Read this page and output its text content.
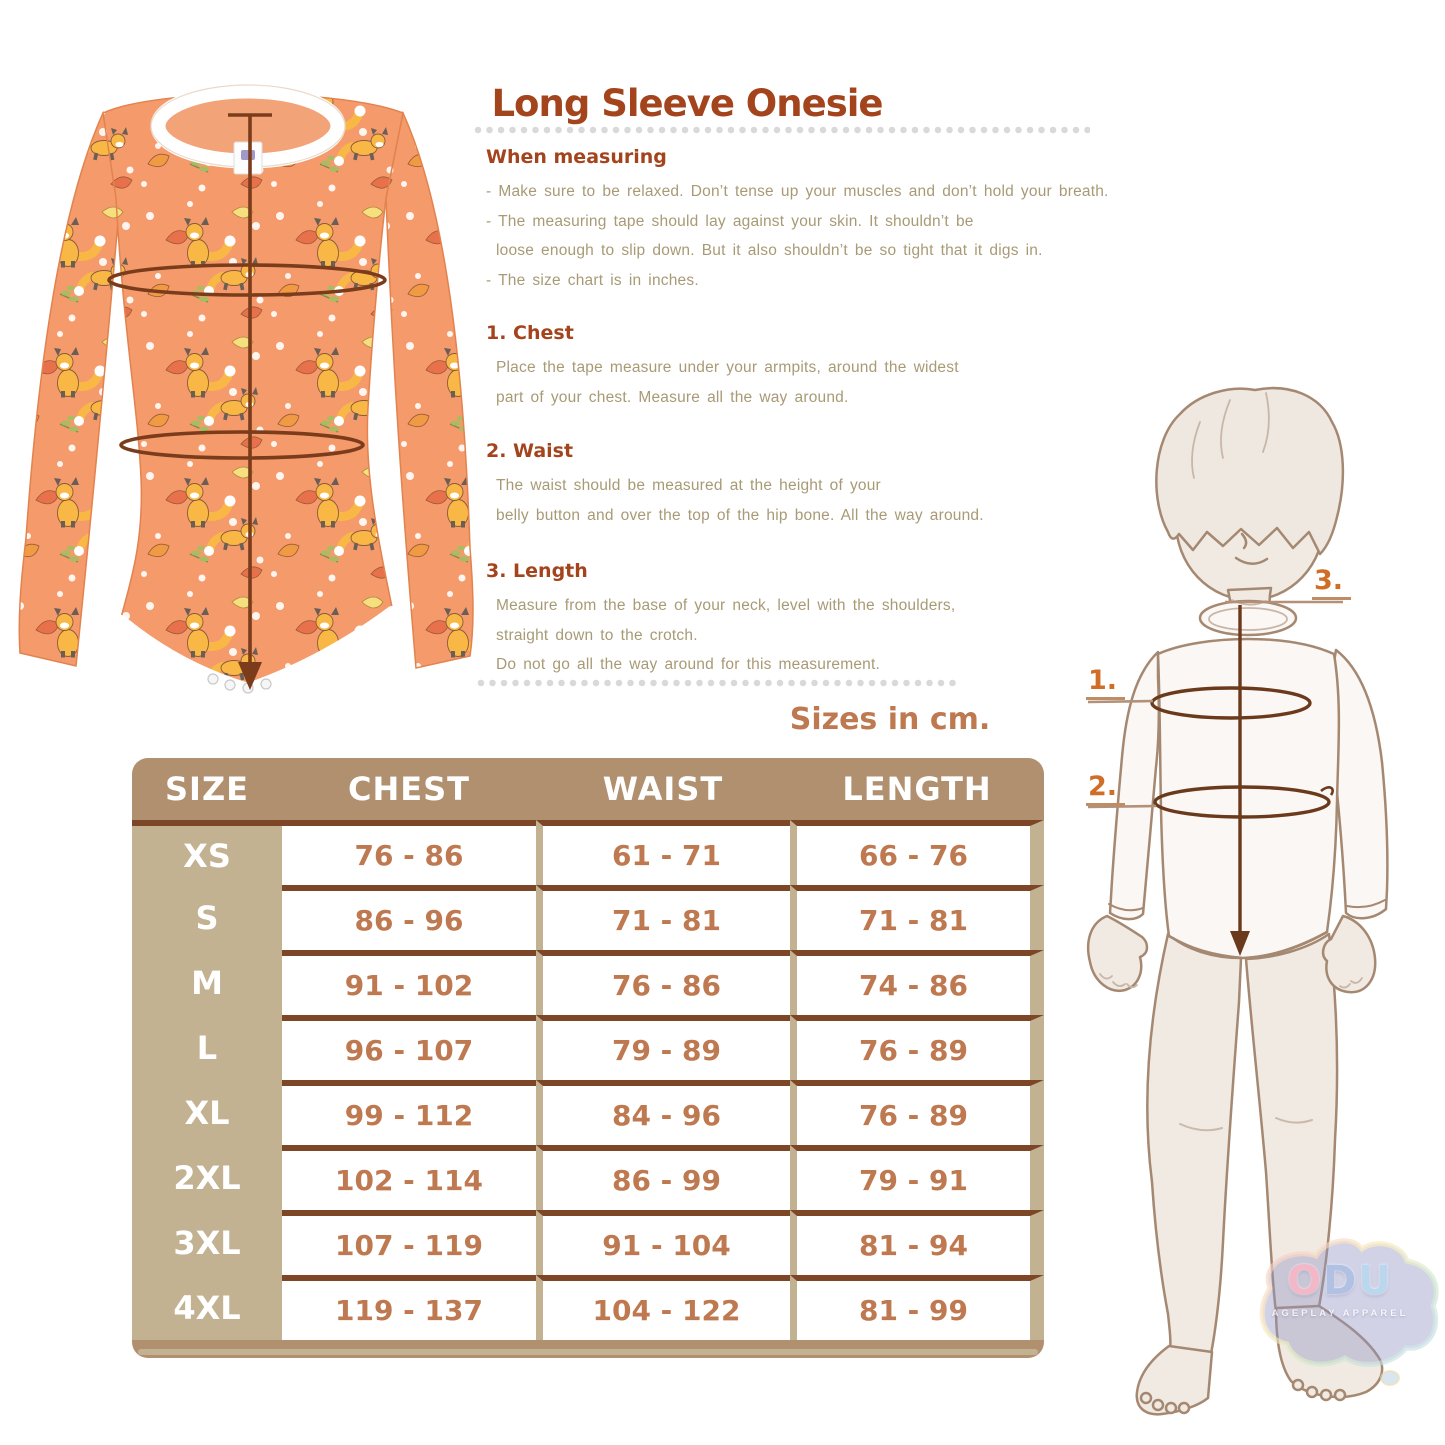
Long Sleeve Onesie
When measuring
- Make sure to be relaxed. Don’t tense up your muscles and don’t hold your breath.
- The measuring tape should lay against your skin. It shouldn’t be
loose enough to slip down. But it also shouldn’t be so tight that it digs in.
- The size chart is in inches.
1. Chest
Place the tape measure under your armpits, around the widest
part of your chest. Measure all the way around.
2. Waist
The waist should be measured at the height of your
belly button and over the top of the hip bone. All the way around.
3. Length
Measure from the base of your neck, level with the shoulders,
straight down to the crotch.
Do not go all the way around for this measurement.
Sizes in cm.
SIZE	CHEST	WAIST	LENGTH
XS	76 - 86	61 - 71	66 - 76
S	86 - 96	71 - 81	71 - 81
M	91 - 102	76 - 86	74 - 86
L	96 - 107	79 - 89	76 - 89
XL	99 - 112	84 - 96	76 - 89
2XL	102 - 114	86 - 99	79 - 91
3XL	107 - 119	91 - 104	81 - 94
4XL	119 - 137	104 - 122	81 - 99
1.
2.
3.
ODU
AGEPLAY APPAREL
